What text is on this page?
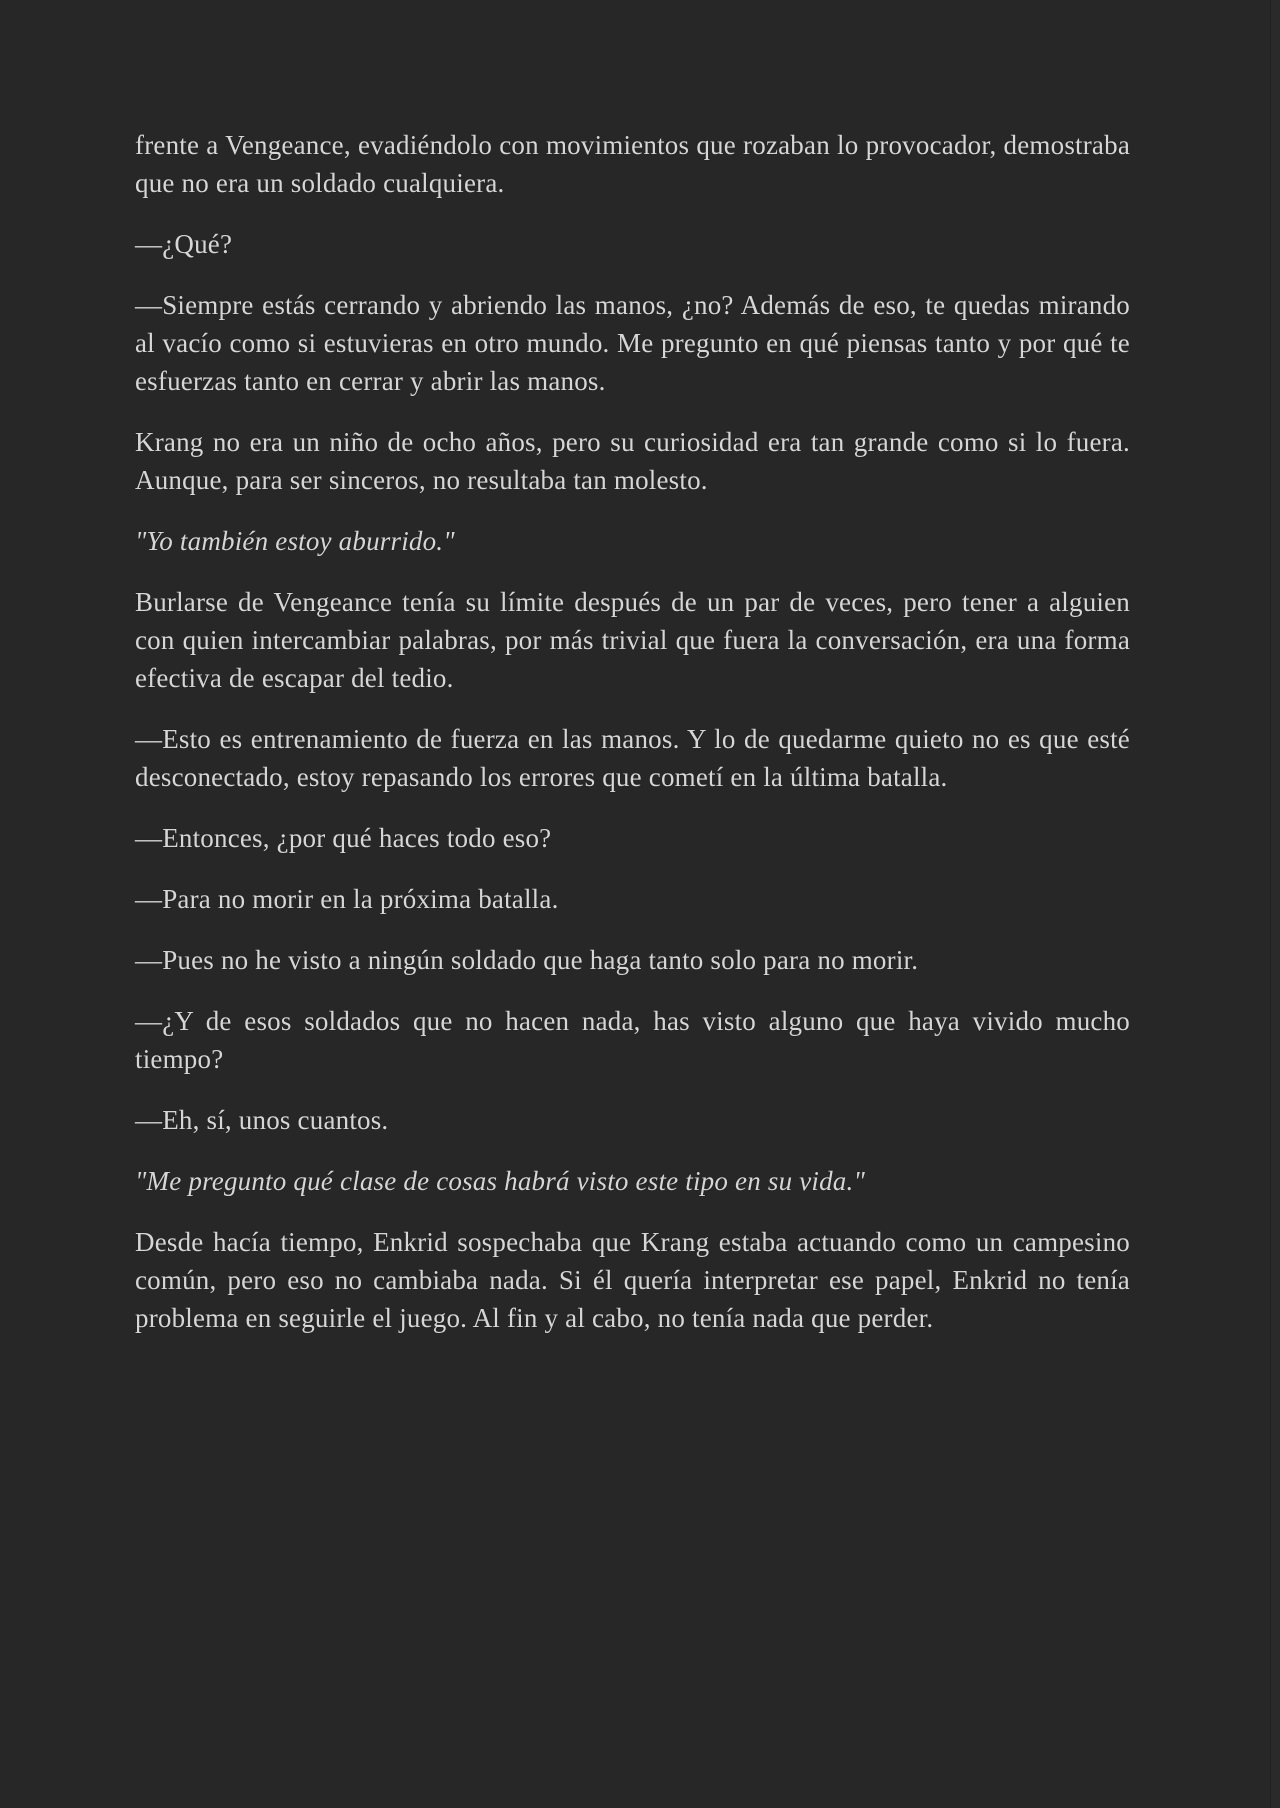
frente a Vengeance, evadiéndolo con movimientos que rozaban lo provocador, demostraba que no era un soldado cualquiera.

—¿Qué?

—Siempre estás cerrando y abriendo las manos, ¿no? Además de eso, te quedas mirando al vacío como si estuvieras en otro mundo. Me pregunto en qué piensas tanto y por qué te esfuerzas tanto en cerrar y abrir las manos.

Krang no era un niño de ocho años, pero su curiosidad era tan grande como si lo fuera. Aunque, para ser sinceros, no resultaba tan molesto.

"Yo también estoy aburrido."

Burlarse de Vengeance tenía su límite después de un par de veces, pero tener a alguien con quien intercambiar palabras, por más trivial que fuera la conversación, era una forma efectiva de escapar del tedio.

—Esto es entrenamiento de fuerza en las manos. Y lo de quedarme quieto no es que esté desconectado, estoy repasando los errores que cometí en la última batalla.

—Entonces, ¿por qué haces todo eso?

—Para no morir en la próxima batalla.

—Pues no he visto a ningún soldado que haga tanto solo para no morir.

—¿Y de esos soldados que no hacen nada, has visto alguno que haya vivido mucho tiempo?

—Eh, sí, unos cuantos.

"Me pregunto qué clase de cosas habrá visto este tipo en su vida."

Desde hacía tiempo, Enkrid sospechaba que Krang estaba actuando como un campesino común, pero eso no cambiaba nada. Si él quería interpretar ese papel, Enkrid no tenía problema en seguirle el juego. Al fin y al cabo, no tenía nada que perder.
